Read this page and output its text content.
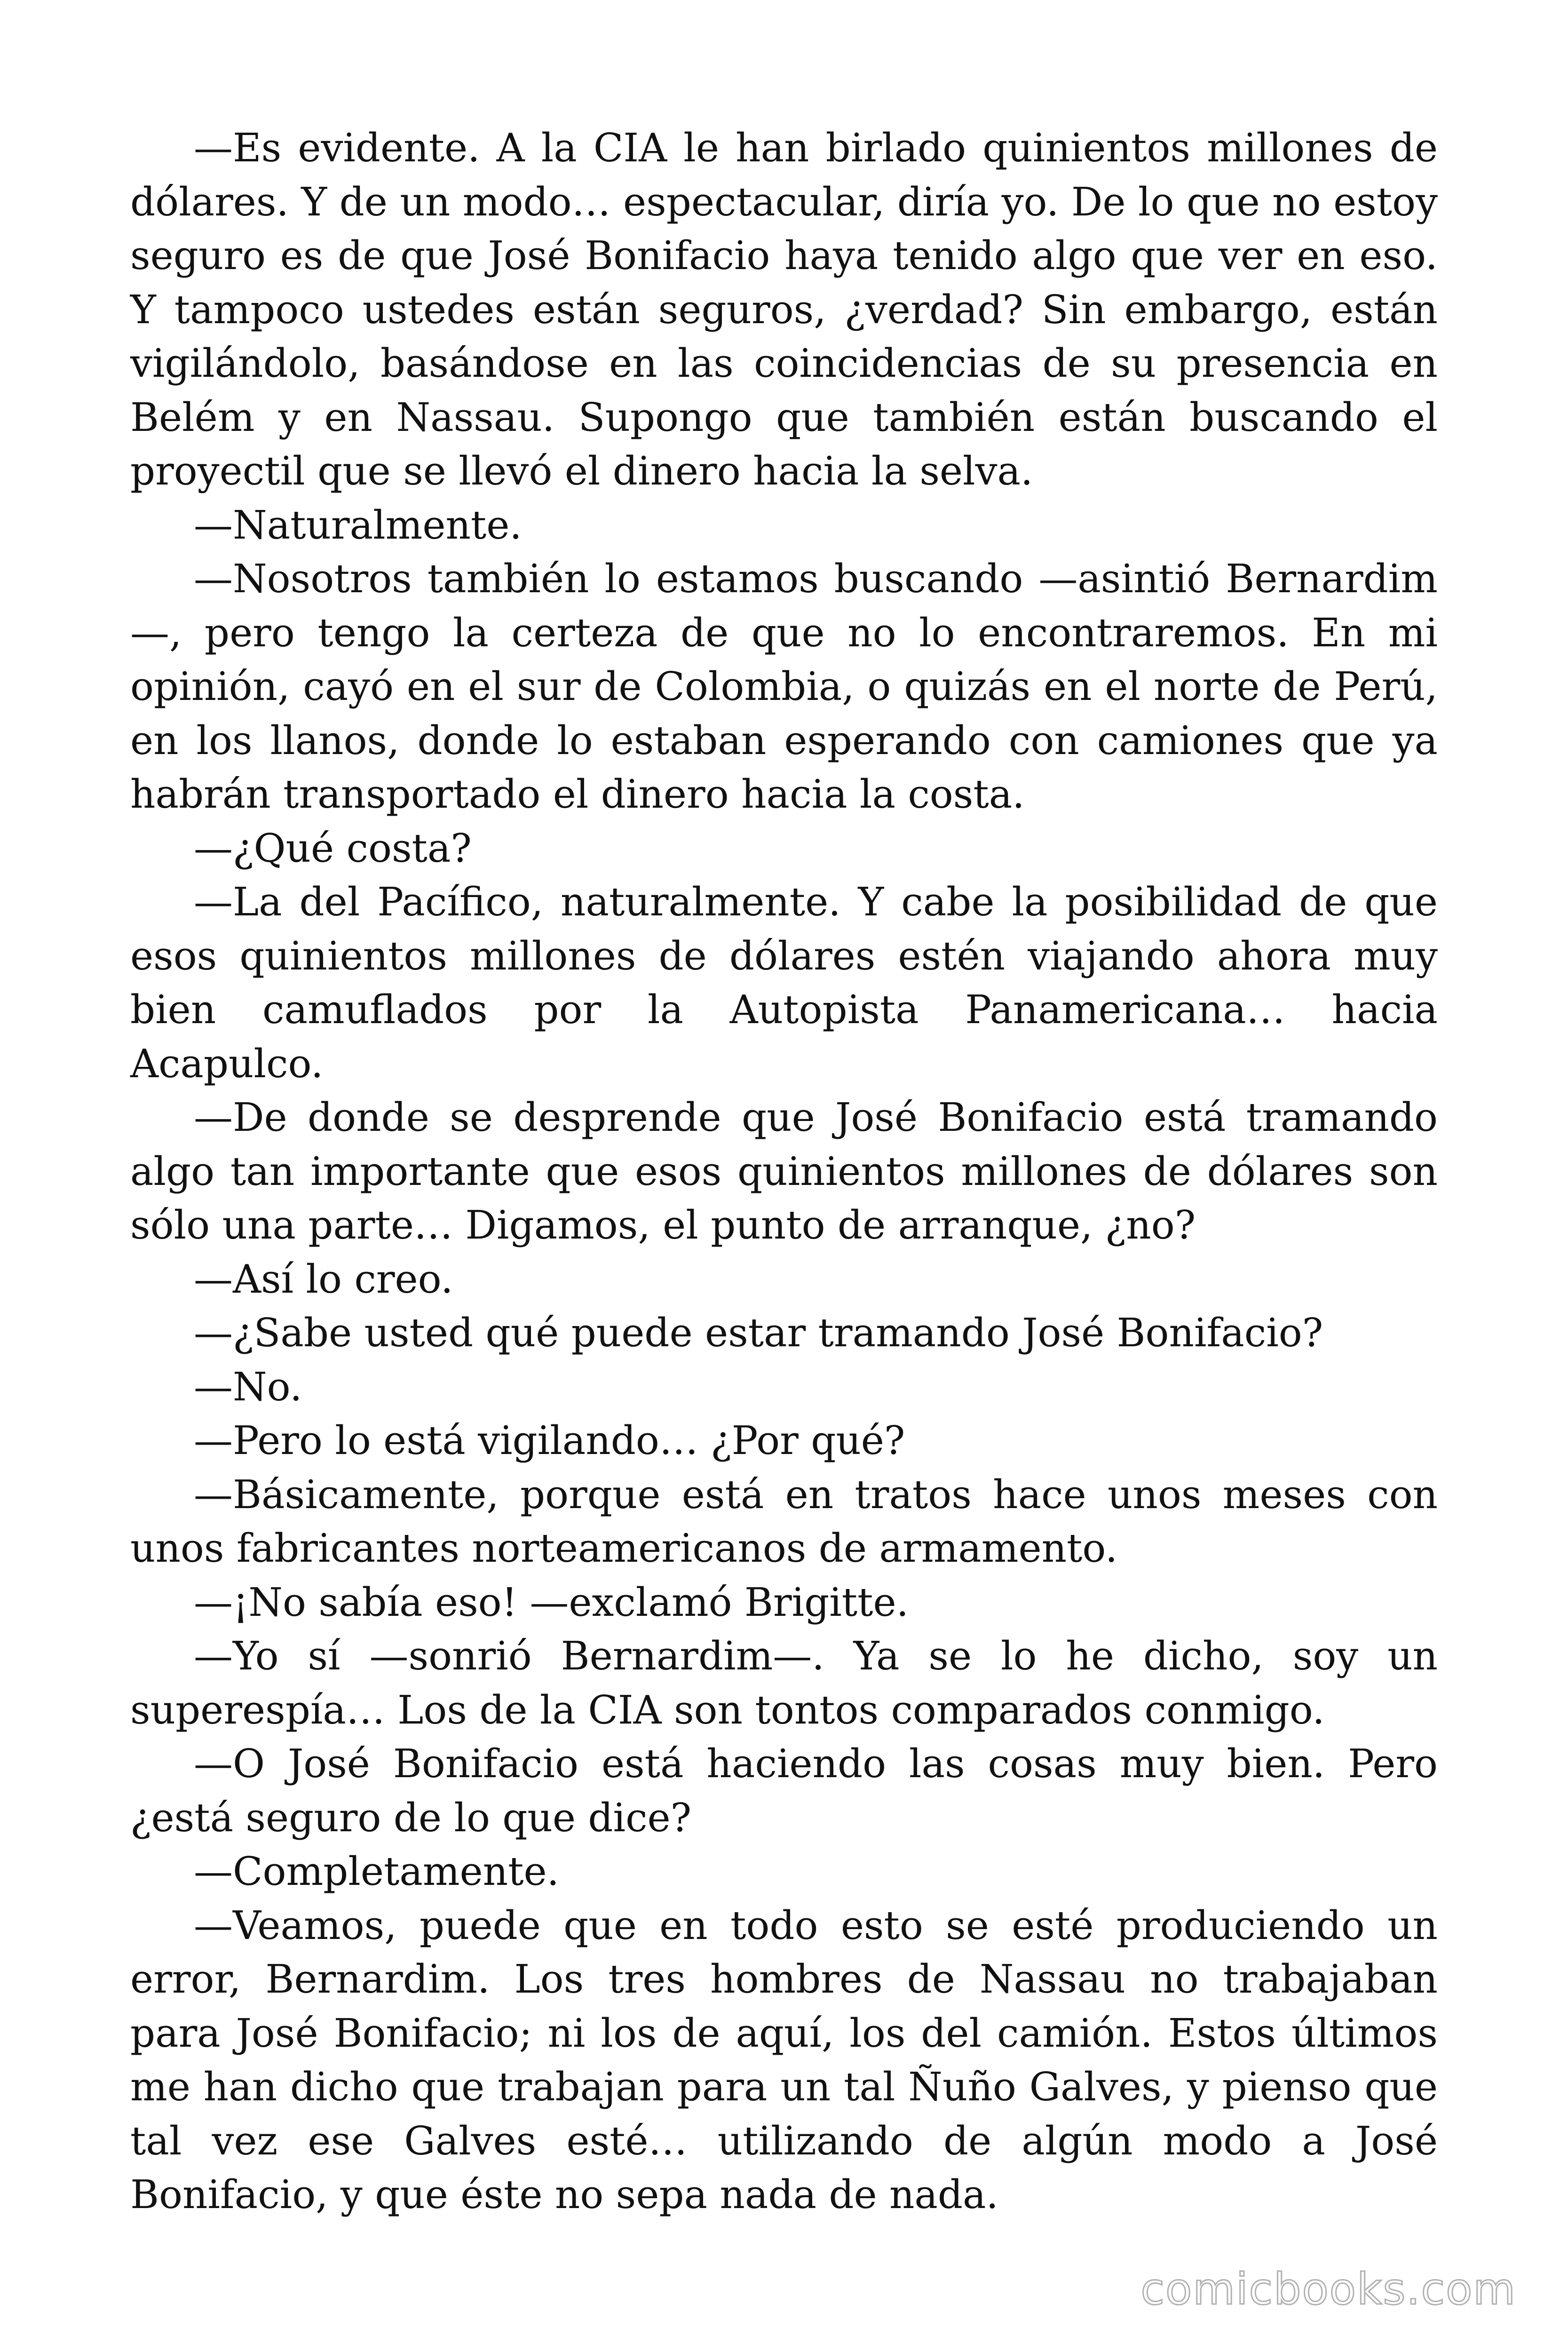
—Es evidente. A la CIA le han birlado quinientos millones de dólares. Y de un modo… espectacular, diría yo. De lo que no estoy seguro es de que José Bonifacio haya tenido algo que ver en eso. Y tampoco ustedes están seguros, ¿verdad? Sin embargo, están vigilándolo, basándose en las coincidencias de su presencia en Belém y en Nassau. Supongo que también están buscando el proyectil que se llevó el dinero hacia la selva.

—Naturalmente.

—Nosotros también lo estamos buscando —asintió Bernardim—, pero tengo la certeza de que no lo encontraremos. En mi opinión, cayó en el sur de Colombia, o quizás en el norte de Perú, en los llanos, donde lo estaban esperando con camiones que ya habrán transportado el dinero hacia la costa.

—¿Qué costa?

—La del Pacífico, naturalmente. Y cabe la posibilidad de que esos quinientos millones de dólares estén viajando ahora muy bien camuflados por la Autopista Panamericana… hacia Acapulco.

—De donde se desprende que José Bonifacio está tramando algo tan importante que esos quinientos millones de dólares son sólo una parte… Digamos, el punto de arranque, ¿no?

—Así lo creo.

—¿Sabe usted qué puede estar tramando José Bonifacio?

—No.

—Pero lo está vigilando… ¿Por qué?

—Básicamente, porque está en tratos hace unos meses con unos fabricantes norteamericanos de armamento.

—¡No sabía eso! —exclamó Brigitte.

—Yo sí —sonrió Bernardim—. Ya se lo he dicho, soy un superespía… Los de la CIA son tontos comparados conmigo.

—O José Bonifacio está haciendo las cosas muy bien. Pero ¿está seguro de lo que dice?

—Completamente.

—Veamos, puede que en todo esto se esté produciendo un error, Bernardim. Los tres hombres de Nassau no trabajaban para José Bonifacio; ni los de aquí, los del camión. Estos últimos me han dicho que trabajan para un tal Ñuño Galves, y pienso que tal vez ese Galves esté… utilizando de algún modo a José Bonifacio, y que éste no sepa nada de nada.

comicbooks.com
